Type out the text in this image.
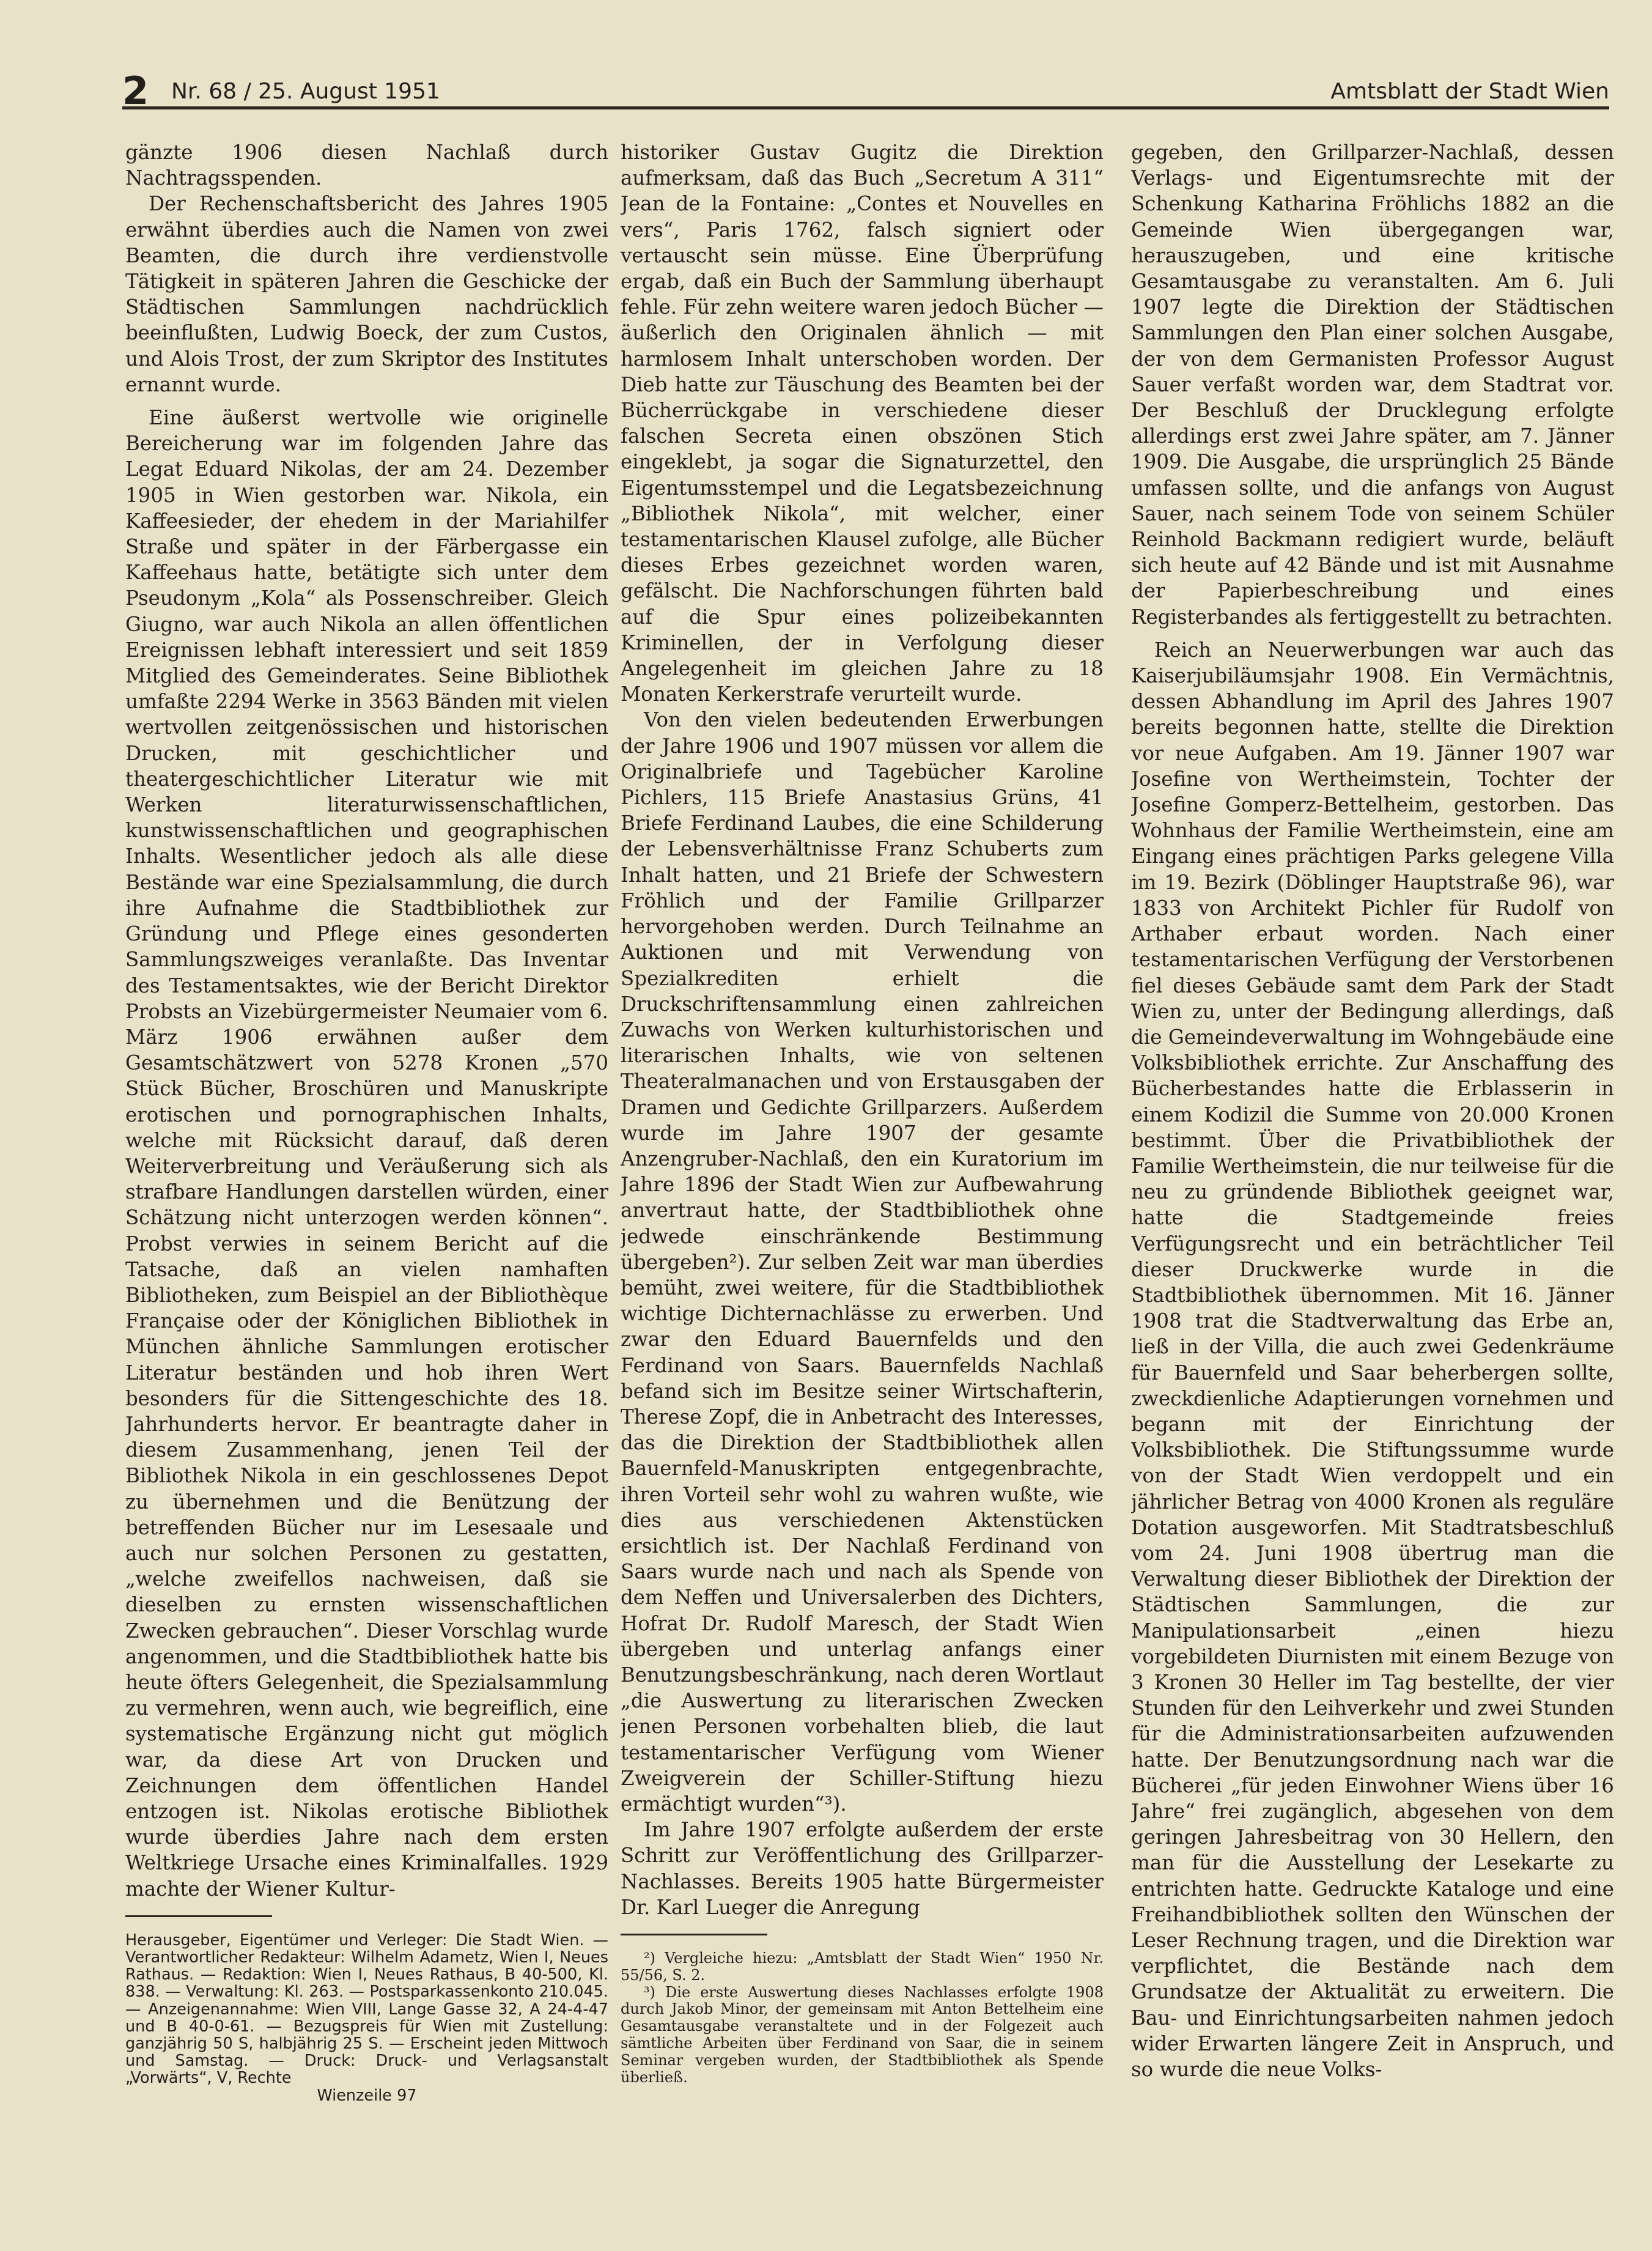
2 Nr. 68 / 25. August 1951	Amtsblatt der Stadt Wien

gänzte 1906 diesen Nachlaß durch Nachtragsspenden.

Der Rechenschaftsbericht des Jahres 1905 erwähnt überdies auch die Namen von zwei Beamten, die durch ihre verdienstvolle Tätigkeit in späteren Jahren die Geschicke der Städtischen Sammlungen nachdrücklich beeinflußten, Ludwig Boeck, der zum Custos, und Alois Trost, der zum Skriptor des Institutes ernannt wurde.

Eine äußerst wertvolle wie originelle Bereicherung war im folgenden Jahre das Legat Eduard Nikolas, der am 24. Dezember 1905 in Wien gestorben war. Nikola, ein Kaffeesieder, der ehedem in der Mariahilfer Straße und später in der Färbergasse ein Kaffeehaus hatte, betätigte sich unter dem Pseudonym „Kola“ als Possenschreiber. Gleich Giugno, war auch Nikola an allen öffentlichen Ereignissen lebhaft interessiert und seit 1859 Mitglied des Gemeinderates. Seine Bibliothek umfaßte 2294 Werke in 3563 Bänden mit vielen wertvollen zeitgenössischen und historischen Drucken, mit geschichtlicher und theatergeschichtlicher Literatur wie mit Werken literaturwissenschaftlichen, kunstwissenschaftlichen und geographischen Inhalts. Wesentlicher jedoch als alle diese Bestände war eine Spezialsammlung, die durch ihre Aufnahme die Stadtbibliothek zur Gründung und Pflege eines gesonderten Sammlungszweiges veranlaßte. Das Inventar des Testamentsaktes, wie der Bericht Direktor Probsts an Vizebürgermeister Neumaier vom 6. März 1906 erwähnen außer dem Gesamtschätzwert von 5278 Kronen „570 Stück Bücher, Broschüren und Manuskripte erotischen und pornographischen Inhalts, welche mit Rücksicht darauf, daß deren Weiterverbreitung und Veräußerung sich als strafbare Handlungen darstellen würden, einer Schätzung nicht unterzogen werden können“. Probst verwies in seinem Bericht auf die Tatsache, daß an vielen namhaften Bibliotheken, zum Beispiel an der Bibliothèque Française oder der Königlichen Bibliothek in München ähnliche Sammlungen erotischer Literatur beständen und hob ihren Wert besonders für die Sittengeschichte des 18. Jahrhunderts hervor. Er beantragte daher in diesem Zusammenhang, jenen Teil der Bibliothek Nikola in ein geschlossenes Depot zu übernehmen und die Benützung der betreffenden Bücher nur im Lesesaale und auch nur solchen Personen zu gestatten, „welche zweifellos nachweisen, daß sie dieselben zu ernsten wissenschaftlichen Zwecken gebrauchen“. Dieser Vorschlag wurde angenommen, und die Stadtbibliothek hatte bis heute öfters Gelegenheit, die Spezialsammlung zu vermehren, wenn auch, wie begreiflich, eine systematische Ergänzung nicht gut möglich war, da diese Art von Drucken und Zeichnungen dem öffentlichen Handel entzogen ist. Nikolas erotische Bibliothek wurde überdies Jahre nach dem ersten Weltkriege Ursache eines Kriminalfalles. 1929 machte der Wiener Kultur-

Herausgeber, Eigentümer und Verleger: Die Stadt Wien. — Verantwortlicher Redakteur: Wilhelm Adametz, Wien I, Neues Rathaus. — Redaktion: Wien I, Neues Rathaus, B 40-500, Kl. 838. — Verwaltung: Kl. 263. — Postsparkassenkonto 210.045. — Anzeigenannahme: Wien VIII, Lange Gasse 32, A 24-4-47 und B 40-0-61. — Bezugspreis für Wien mit Zustellung: ganzjährig 50 S, halbjährig 25 S. — Erscheint jeden Mittwoch und Samstag. — Druck: Druck- und Verlagsanstalt „Vorwärts“, V, Rechte

Wienzeile 97

historiker Gustav Gugitz die Direktion aufmerksam, daß das Buch „Secretum A 311“ Jean de la Fontaine: „Contes et Nouvelles en vers“, Paris 1762, falsch signiert oder vertauscht sein müsse. Eine Überprüfung ergab, daß ein Buch der Sammlung überhaupt fehle. Für zehn weitere waren jedoch Bücher — äußerlich den Originalen ähnlich — mit harmlosem Inhalt unterschoben worden. Der Dieb hatte zur Täuschung des Beamten bei der Bücherrückgabe in verschiedene dieser falschen Secreta einen obszönen Stich eingeklebt, ja sogar die Signaturzettel, den Eigentumsstempel und die Legatsbezeichnung „Bibliothek Nikola“, mit welcher, einer testamentarischen Klausel zufolge, alle Bücher dieses Erbes gezeichnet worden waren, gefälscht. Die Nachforschungen führten bald auf die Spur eines polizeibekannten Kriminellen, der in Verfolgung dieser Angelegenheit im gleichen Jahre zu 18 Monaten Kerkerstrafe verurteilt wurde.

Von den vielen bedeutenden Erwerbungen der Jahre 1906 und 1907 müssen vor allem die Originalbriefe und Tagebücher Karoline Pichlers, 115 Briefe Anastasius Grüns, 41 Briefe Ferdinand Laubes, die eine Schilderung der Lebensverhältnisse Franz Schuberts zum Inhalt hatten, und 21 Briefe der Schwestern Fröhlich und der Familie Grillparzer hervorgehoben werden. Durch Teilnahme an Auktionen und mit Verwendung von Spezialkrediten erhielt die Druckschriftensammlung einen zahlreichen Zuwachs von Werken kulturhistorischen und literarischen Inhalts, wie von seltenen Theateralmanachen und von Erstausgaben der Dramen und Gedichte Grillparzers. Außerdem wurde im Jahre 1907 der gesamte Anzengruber-Nachlaß, den ein Kuratorium im Jahre 1896 der Stadt Wien zur Aufbewahrung anvertraut hatte, der Stadtbibliothek ohne jedwede einschränkende Bestimmung übergeben²). Zur selben Zeit war man überdies bemüht, zwei weitere, für die Stadtbibliothek wichtige Dichternachlässe zu erwerben. Und zwar den Eduard Bauernfelds und den Ferdinand von Saars. Bauernfelds Nachlaß befand sich im Besitze seiner Wirtschafterin, Therese Zopf, die in Anbetracht des Interesses, das die Direktion der Stadtbibliothek allen Bauernfeld-Manuskripten entgegenbrachte, ihren Vorteil sehr wohl zu wahren wußte, wie dies aus verschiedenen Aktenstücken ersichtlich ist. Der Nachlaß Ferdinand von Saars wurde nach und nach als Spende von dem Neffen und Universalerben des Dichters, Hofrat Dr. Rudolf Maresch, der Stadt Wien übergeben und unterlag anfangs einer Benutzungsbeschränkung, nach deren Wortlaut „die Auswertung zu literarischen Zwecken jenen Personen vorbehalten blieb, die laut testamentarischer Verfügung vom Wiener Zweigverein der Schiller-Stiftung hiezu ermächtigt wurden“³).

Im Jahre 1907 erfolgte außerdem der erste Schritt zur Veröffentlichung des Grillparzer-Nachlasses. Bereits 1905 hatte Bürgermeister Dr. Karl Lueger die Anregung

²) Vergleiche hiezu: „Amtsblatt der Stadt Wien“ 1950 Nr. 55/56, S. 2.

³) Die erste Auswertung dieses Nachlasses erfolgte 1908 durch Jakob Minor, der gemeinsam mit Anton Bettelheim eine Gesamtausgabe veranstaltete und in der Folgezeit auch sämtliche Arbeiten über Ferdinand von Saar, die in seinem Seminar vergeben wurden, der Stadtbibliothek als Spende überließ.

gegeben, den Grillparzer-Nachlaß, dessen Verlags- und Eigentumsrechte mit der Schenkung Katharina Fröhlichs 1882 an die Gemeinde Wien übergegangen war, herauszugeben, und eine kritische Gesamtausgabe zu veranstalten. Am 6. Juli 1907 legte die Direktion der Städtischen Sammlungen den Plan einer solchen Ausgabe, der von dem Germanisten Professor August Sauer verfaßt worden war, dem Stadtrat vor. Der Beschluß der Drucklegung erfolgte allerdings erst zwei Jahre später, am 7. Jänner 1909. Die Ausgabe, die ursprünglich 25 Bände umfassen sollte, und die anfangs von August Sauer, nach seinem Tode von seinem Schüler Reinhold Backmann redigiert wurde, beläuft sich heute auf 42 Bände und ist mit Ausnahme der Papierbeschreibung und eines Registerbandes als fertiggestellt zu betrachten.

Reich an Neuerwerbungen war auch das Kaiserjubiläumsjahr 1908. Ein Vermächtnis, dessen Abhandlung im April des Jahres 1907 bereits begonnen hatte, stellte die Direktion vor neue Aufgaben. Am 19. Jänner 1907 war Josefine von Wertheimstein, Tochter der Josefine Gomperz-Bettelheim, gestorben. Das Wohnhaus der Familie Wertheimstein, eine am Eingang eines prächtigen Parks gelegene Villa im 19. Bezirk (Döblinger Hauptstraße 96), war 1833 von Architekt Pichler für Rudolf von Arthaber erbaut worden. Nach einer testamentarischen Verfügung der Verstorbenen fiel dieses Gebäude samt dem Park der Stadt Wien zu, unter der Bedingung allerdings, daß die Gemeindeverwaltung im Wohngebäude eine Volksbibliothek errichte. Zur Anschaffung des Bücherbestandes hatte die Erblasserin in einem Kodizil die Summe von 20.000 Kronen bestimmt. Über die Privatbibliothek der Familie Wertheimstein, die nur teilweise für die neu zu gründende Bibliothek geeignet war, hatte die Stadtgemeinde freies Verfügungsrecht und ein beträchtlicher Teil dieser Druckwerke wurde in die Stadtbibliothek übernommen. Mit 16. Jänner 1908 trat die Stadtverwaltung das Erbe an, ließ in der Villa, die auch zwei Gedenkräume für Bauernfeld und Saar beherbergen sollte, zweckdienliche Adaptierungen vornehmen und begann mit der Einrichtung der Volksbibliothek. Die Stiftungssumme wurde von der Stadt Wien verdoppelt und ein jährlicher Betrag von 4000 Kronen als reguläre Dotation ausgeworfen. Mit Stadtratsbeschluß vom 24. Juni 1908 übertrug man die Verwaltung dieser Bibliothek der Direktion der Städtischen Sammlungen, die zur Manipulationsarbeit „einen hiezu vorgebildeten Diurnisten mit einem Bezuge von 3 Kronen 30 Heller im Tag bestellte, der vier Stunden für den Leihverkehr und zwei Stunden für die Administrationsarbeiten aufzuwenden hatte. Der Benutzungsordnung nach war die Bücherei „für jeden Einwohner Wiens über 16 Jahre“ frei zugänglich, abgesehen von dem geringen Jahresbeitrag von 30 Hellern, den man für die Ausstellung der Lesekarte zu entrichten hatte. Gedruckte Kataloge und eine Freihandbibliothek sollten den Wünschen der Leser Rechnung tragen, und die Direktion war verpflichtet, die Bestände nach dem Grundsatze der Aktualität zu erweitern. Die Bau- und Einrichtungsarbeiten nahmen jedoch wider Erwarten längere Zeit in Anspruch, und so wurde die neue Volks-
